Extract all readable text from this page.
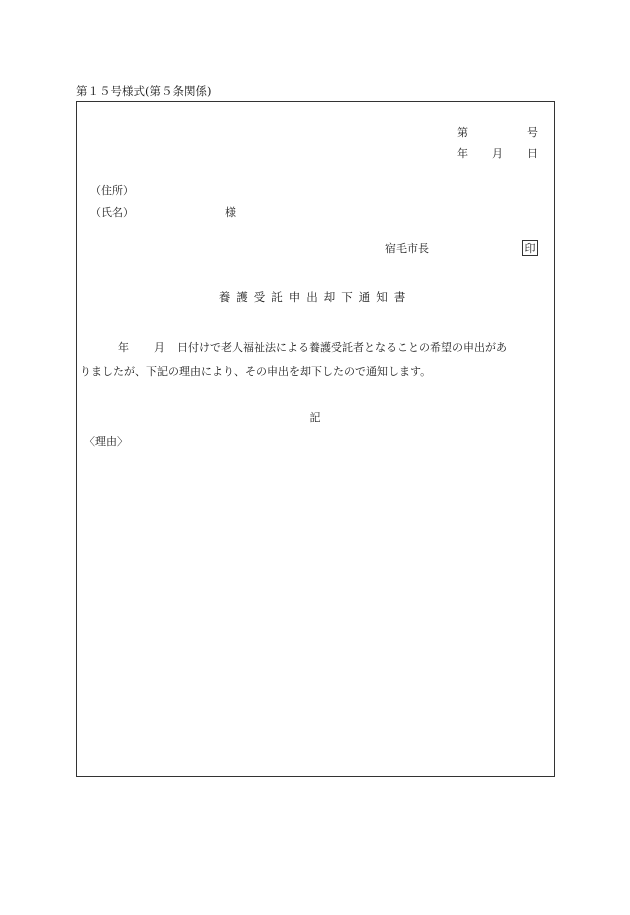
第１５号様式(第５条関係)
第	号
年 月 日
（住所）
（氏名）	様
宿毛市長	印
養護受託申出却下通知書
年 月 日付けで老人福祉法による養護受託者となることの希望の申出があ
りましたが、下記の理由により、その申出を却下したので通知します。
記
〈理由〉
